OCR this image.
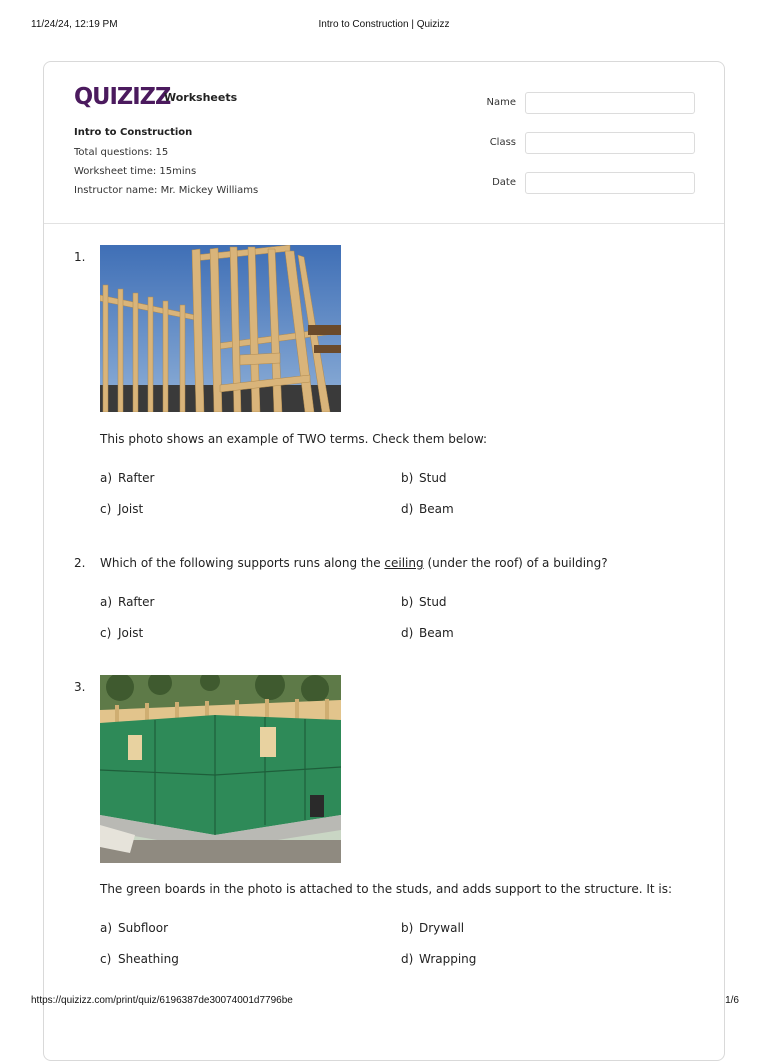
11/24/24, 12:19 PM	Intro to Construction | Quizizz
QUIZIZZ
Worksheets
Intro to Construction
Total questions: 15
Worksheet time: 15mins
Instructor name: Mr. Mickey Williams
Name
Class
Date
1.
This photo shows an example of TWO terms. Check them below:
a) Rafter	b) Stud
c) Joist	d) Beam
2. Which of the following supports runs along the ceiling (under the roof) of a building?
a) Rafter	b) Stud
c) Joist	d) Beam
3.
The green boards in the photo is attached to the studs, and adds support to the structure. It is:
a) Subfloor	b) Drywall
c) Sheathing	d) Wrapping
https://quizizz.com/print/quiz/6196387de30074001d7796be	1/6
